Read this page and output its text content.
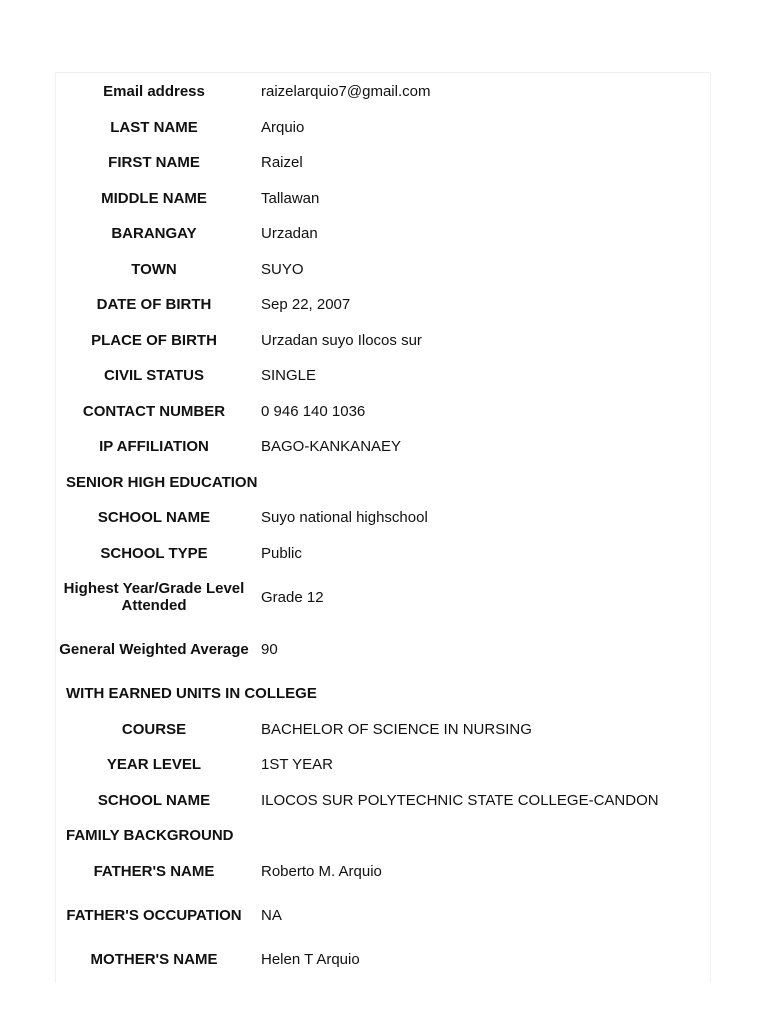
Email address	raizelarquio7@gmail.com
LAST NAME	Arquio
FIRST NAME	Raizel
MIDDLE NAME	Tallawan
BARANGAY	Urzadan
TOWN	SUYO
DATE OF BIRTH	Sep 22, 2007
PLACE OF BIRTH	Urzadan suyo Ilocos sur
CIVIL STATUS	SINGLE
CONTACT NUMBER	0 946 140 1036
IP AFFILIATION	BAGO-KANKANAEY
SENIOR HIGH EDUCATION
SCHOOL NAME	Suyo national highschool
SCHOOL TYPE	Public
Highest Year/Grade Level Attended	Grade 12
General Weighted Average 90
WITH EARNED UNITS IN COLLEGE
COURSE	BACHELOR OF SCIENCE IN NURSING
YEAR LEVEL	1ST YEAR
SCHOOL NAME	ILOCOS SUR POLYTECHNIC STATE COLLEGE-CANDON
FAMILY BACKGROUND
FATHER'S NAME	Roberto M. Arquio
FATHER'S OCCUPATION	NA
MOTHER'S NAME	Helen T Arquio
